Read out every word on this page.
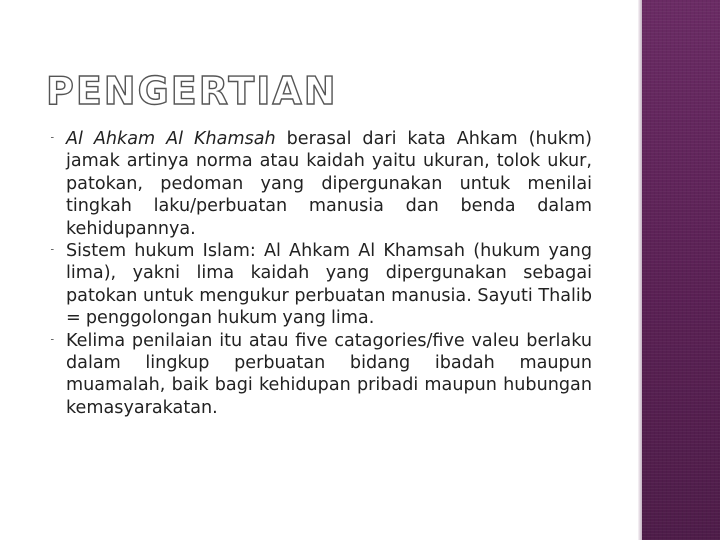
PENGERTIAN
⁃ Al Ahkam Al Khamsah berasal dari kata Ahkam (hukm) jamak artinya norma atau kaidah yaitu ukuran, tolok ukur, patokan, pedoman yang dipergunakan untuk menilai tingkah laku/perbuatan manusia dan benda dalam kehidupannya.
⁃ Sistem hukum Islam: Al Ahkam Al Khamsah (hukum yang lima), yakni lima kaidah yang dipergunakan sebagai patokan untuk mengukur perbuatan manusia. Sayuti Thalib = penggolongan hukum yang lima.
⁃ Kelima penilaian itu atau five catagories/five valeu berlaku dalam lingkup perbuatan bidang ibadah maupun muamalah, baik bagi kehidupan pribadi maupun hubungan kemasyarakatan.
